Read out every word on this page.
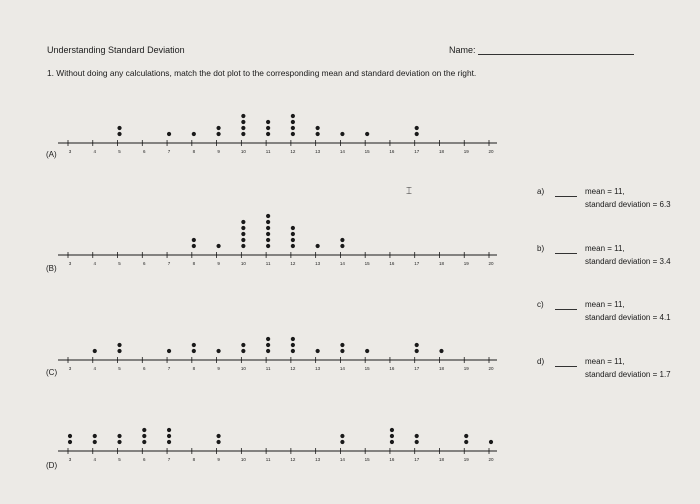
Understanding Standard Deviation	Name:
1. Without doing any calculations, match the dot plot to the corresponding mean and standard deviation on the right.
3	4	5	6	7	8	9	10	11	12	13	14	15	16	17	18	19	20
3	4	5	6	7	8	9	10	11	12	13	14	15	16	17	18	19	20
3	4	5	6	7	8	9	10	11	12	13	14	15	16	17	18	19	20
3	4	5	6	7	8	9	10	11	12	13	14	15	16	17	18	19	20
(A)
(B)
(C)
(D)
a)	mean = 11,
standard deviation = 6.3
b)	mean = 11,
standard deviation = 3.4
c)	mean = 11,
standard deviation = 4.1
d)	mean = 11,
standard deviation = 1.7
⌶
